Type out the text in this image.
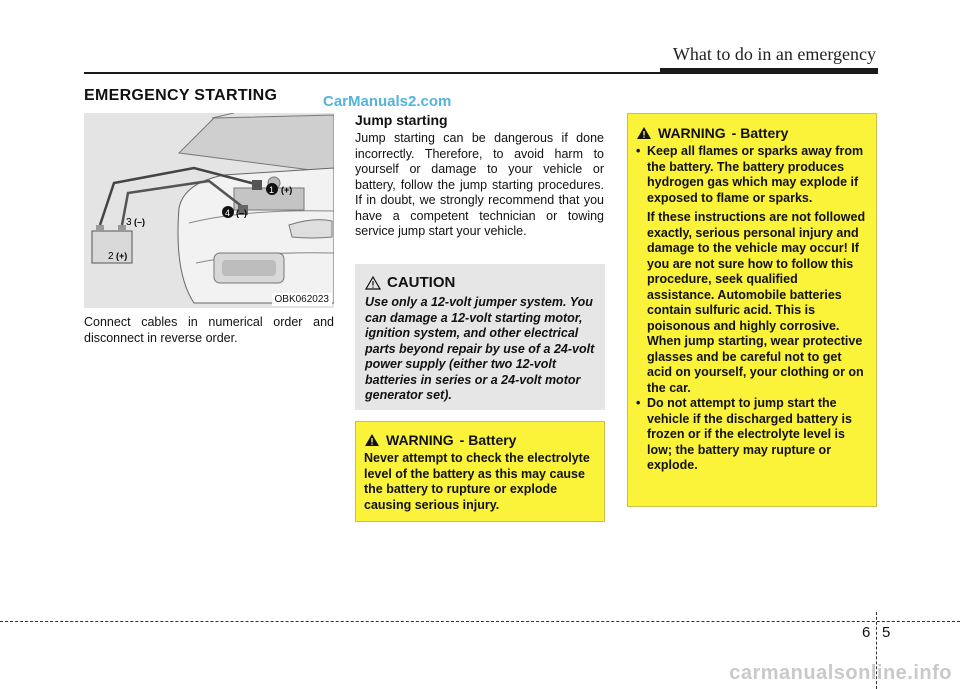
What to do in an emergency
EMERGENCY STARTING	CarManuals2.com
1 (+)
4 (–)
3 (–)
2 (+)
OBK062023
Connect cables in numerical order and disconnect in reverse order.
Jump starting
Jump starting can be dangerous if done incorrectly. Therefore, to avoid harm to yourself or damage to your vehicle or battery, follow the jump starting procedures. If in doubt, we strongly recommend that you have a competent technician or towing service jump start your vehicle.
CAUTION
Use only a 12-volt jumper system. You can damage a 12-volt starting motor, ignition system, and other electrical parts beyond repair by use of a 24-volt power supply (either two 12-volt batteries in series or a 24-volt motor generator set).
WARNING - Battery
Never attempt to check the electrolyte level of the battery as this may cause the battery to rupture or explode causing serious injury.
WARNING - Battery
• Keep all flames or sparks away from the battery. The battery produces hydrogen gas which may explode if exposed to flame or sparks.
If these instructions are not followed exactly, serious personal injury and damage to the vehicle may occur! If you are not sure how to follow this procedure, seek qualified assistance. Automobile batteries contain sulfuric acid. This is poisonous and highly corrosive. When jump starting, wear protective glasses and be careful not to get acid on yourself, your clothing or on the car.
• Do not attempt to jump start the vehicle if the discharged battery is frozen or if the electrolyte level is low; the battery may rupture or explode.
6 5
carmanualsonline.info
